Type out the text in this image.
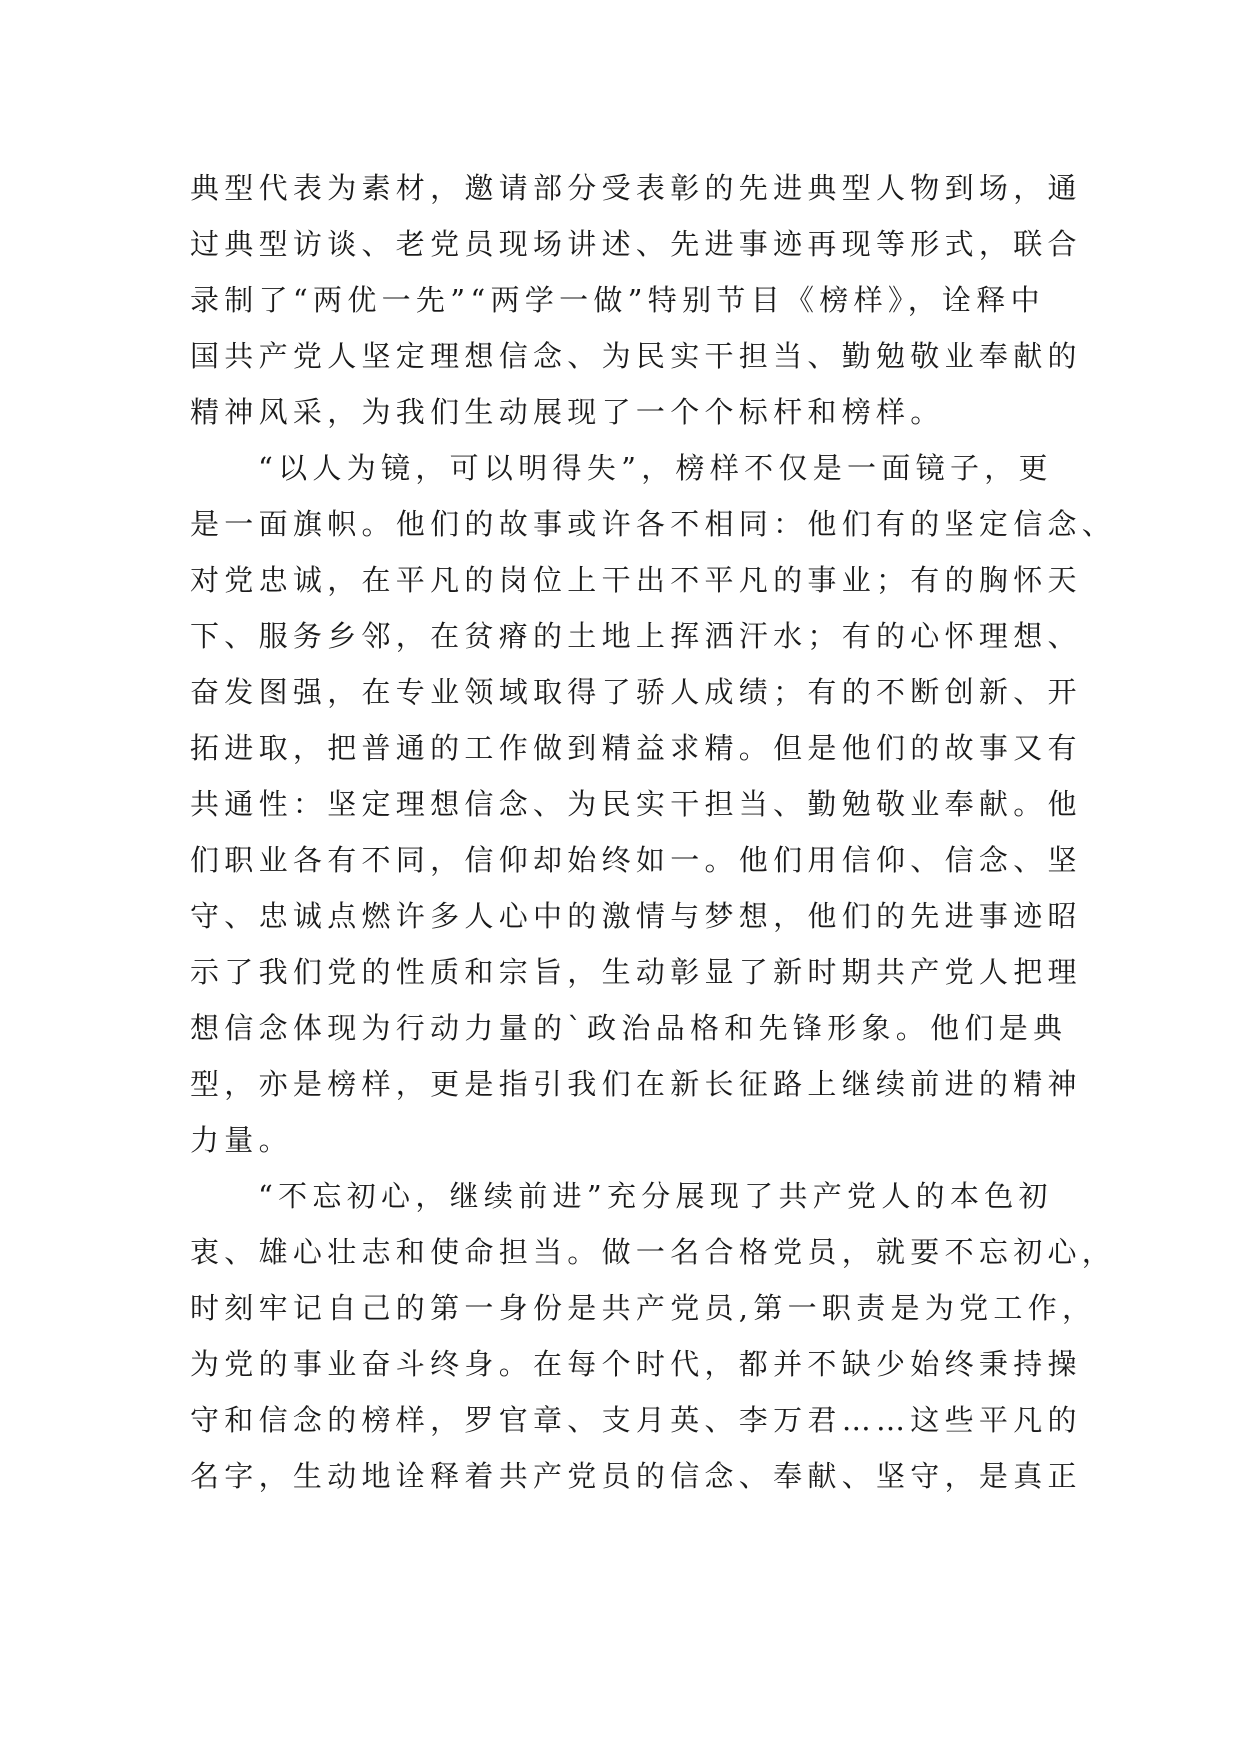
典型代表为素材，邀请部分受表彰的先进典型人物到场，通
过典型访谈、老党员现场讲述、先进事迹再现等形式，联合
录制了“两优一先”“两学一做”特别节目《榜样》，诠释中
国共产党人坚定理想信念、为民实干担当、勤勉敬业奉献的
精神风采，为我们生动展现了一个个标杆和榜样。
“以人为镜，可以明得失”，榜样不仅是一面镜子，更
是一面旗帜。他们的故事或许各不相同：他们有的坚定信念、
对党忠诚，在平凡的岗位上干出不平凡的事业；有的胸怀天
下、服务乡邻，在贫瘠的土地上挥洒汗水；有的心怀理想、
奋发图强，在专业领域取得了骄人成绩；有的不断创新、开
拓进取，把普通的工作做到精益求精。但是他们的故事又有
共通性：坚定理想信念、为民实干担当、勤勉敬业奉献。他
们职业各有不同，信仰却始终如一。他们用信仰、信念、坚
守、忠诚点燃许多人心中的激情与梦想，他们的先进事迹昭
示了我们党的性质和宗旨，生动彰显了新时期共产党人把理
想信念体现为行动力量的`政治品格和先锋形象。他们是典
型，亦是榜样，更是指引我们在新长征路上继续前进的精神
力量。
“不忘初心，继续前进”充分展现了共产党人的本色初
衷、雄心壮志和使命担当。做一名合格党员，就要不忘初心，
时刻牢记自己的第一身份是共产党员,第一职责是为党工作，
为党的事业奋斗终身。在每个时代，都并不缺少始终秉持操
守和信念的榜样，罗官章、支月英、李万君……这些平凡的
名字，生动地诠释着共产党员的信念、奉献、坚守，是真正
